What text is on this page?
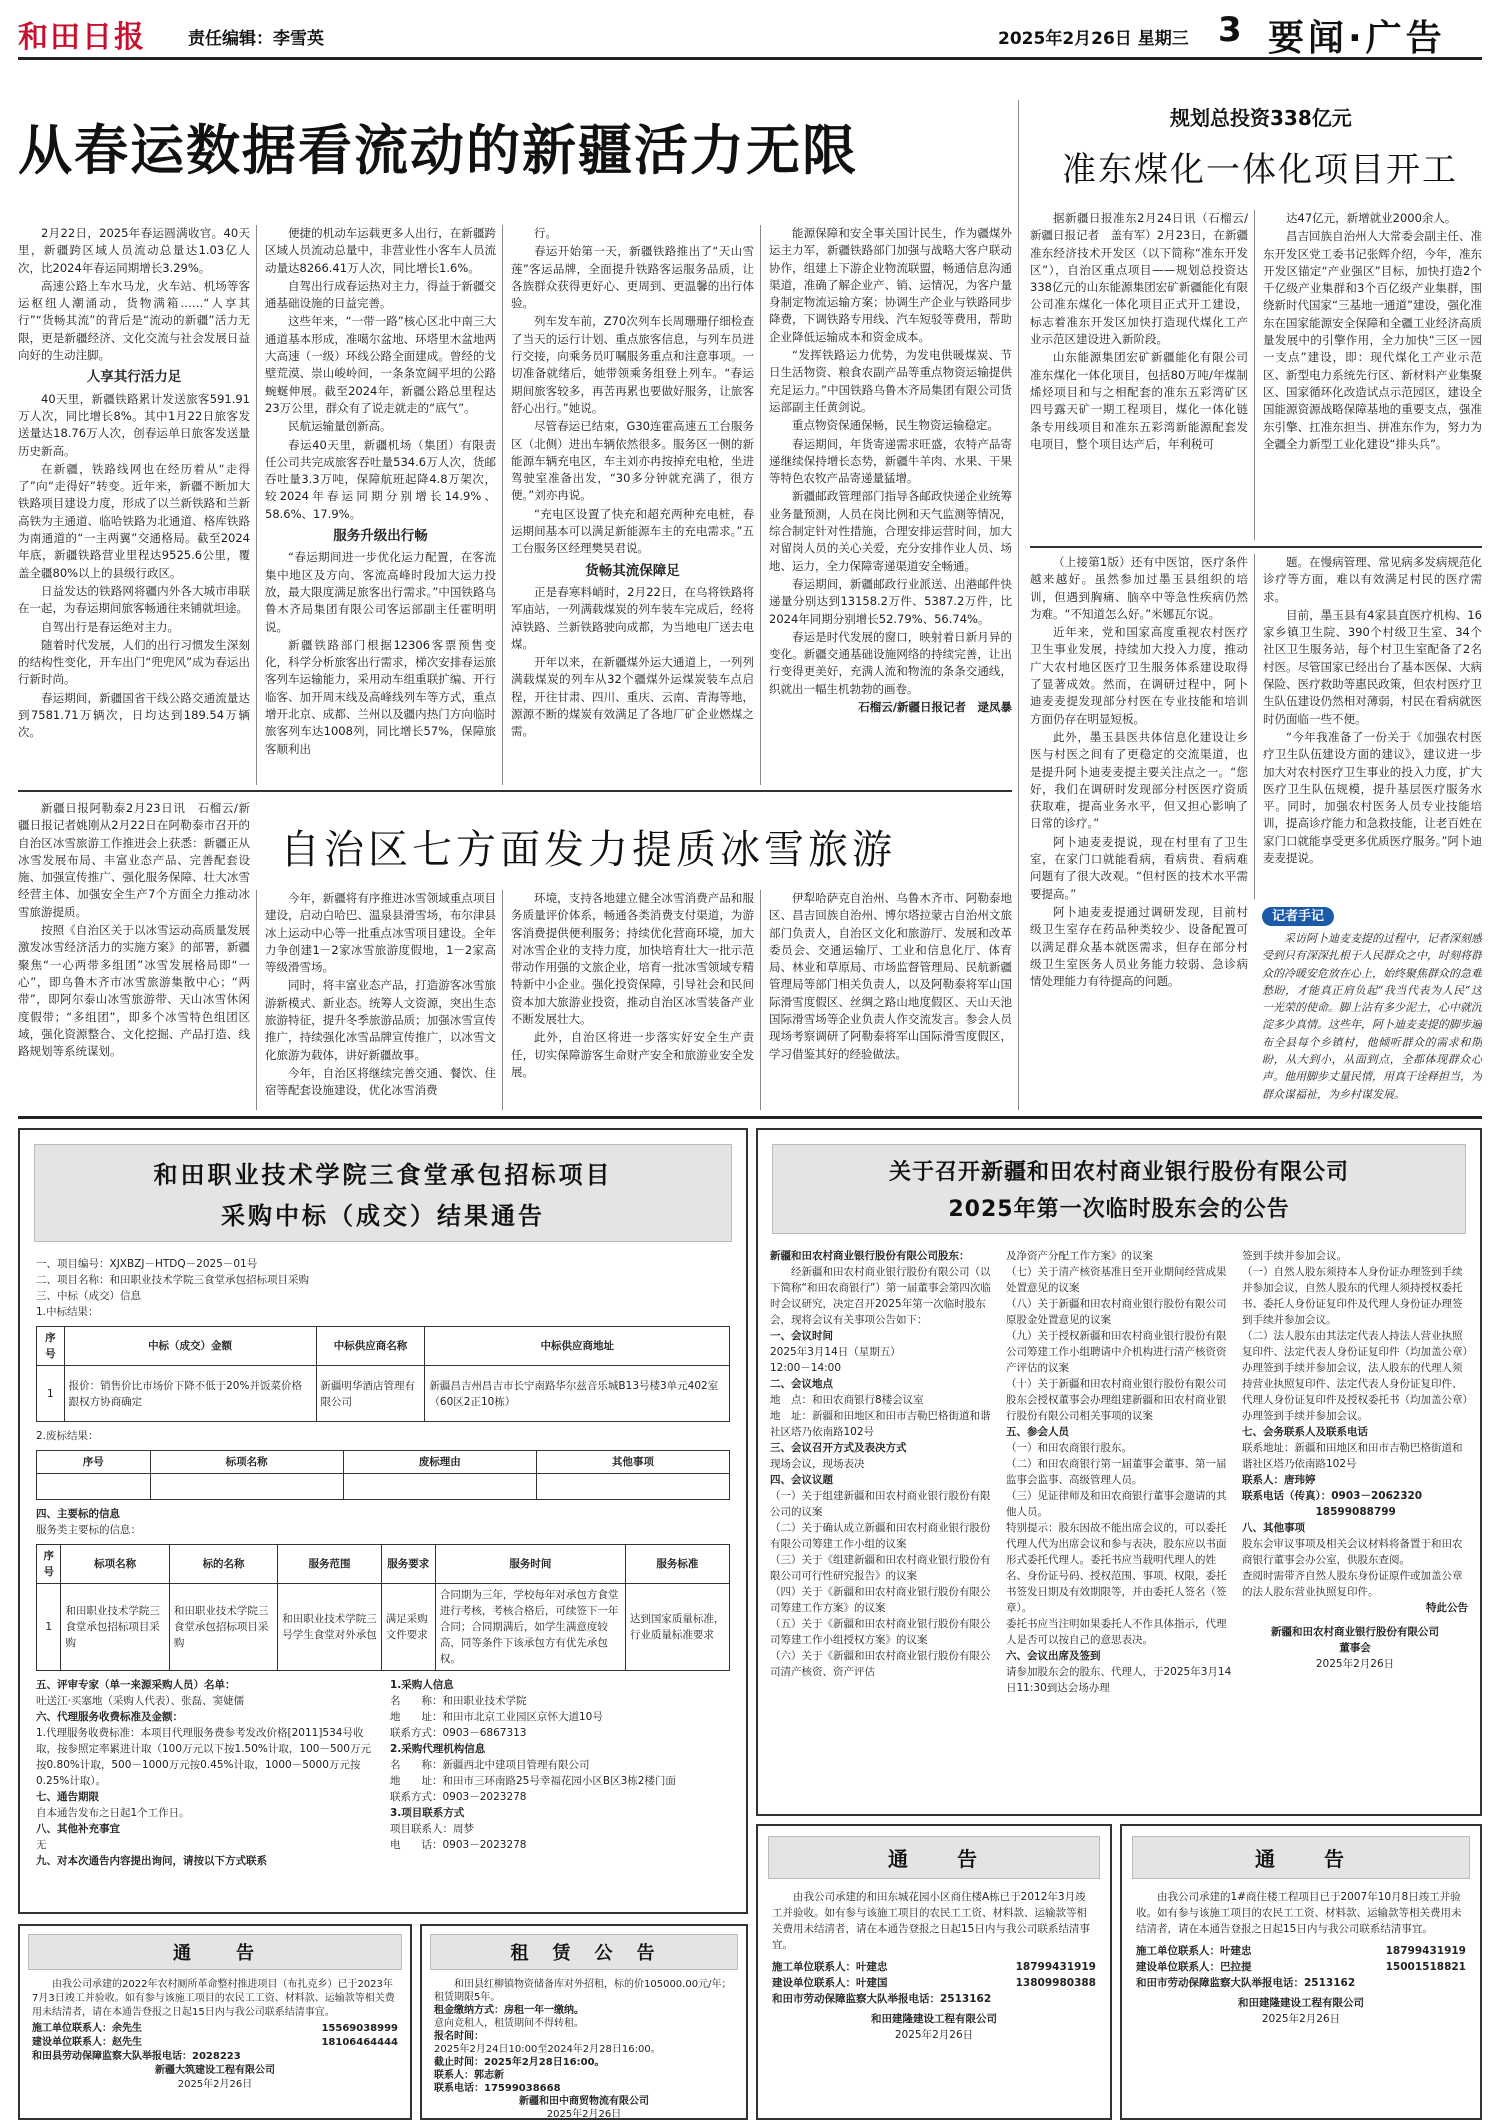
和田日报 责任编辑：李雪英	2025年2月26日 星期三 3 要闻·广告
从春运数据看流动的新疆活力无限

2月22日，2025年春运圆满收官。40天里，新疆跨区域人员流动总量达1.03亿人次，比2024年春运同期增长3.29%。

高速公路上车水马龙，火车站、机场等客运枢纽人潮涌动，货物满箱……“人享其行”“货畅其流”的背后是“流动的新疆”活力无限，更是新疆经济、文化交流与社会发展日益向好的生动注脚。

人享其行活力足

40天里，新疆铁路累计发送旅客591.91万人次，同比增长8%。其中1月22日旅客发送量达18.76万人次，创春运单日旅客发送量历史新高。

在新疆，铁路线网也在经历着从“走得了”向“走得好”转变。近年来，新疆不断加大铁路项目建设力度，形成了以兰新铁路和兰新高铁为主通道、临哈铁路为北通道、格库铁路为南通道的“一主两翼”交通格局。截至2024年底，新疆铁路营业里程达9525.6公里，覆盖全疆80%以上的县级行政区。

日益发达的铁路网将疆内外各大城市串联在一起，为春运期间旅客畅通往来铺就坦途。

自驾出行是春运绝对主力。

随着时代发展，人们的出行习惯发生深刻的结构性变化，开车出门“兜兜风”成为春运出行新时尚。

春运期间，新疆国省干线公路交通流量达到7581.71万辆次，日均达到189.54万辆次。

便捷的机动车运载更多人出行，在新疆跨区域人员流动总量中，非营业性小客车人员流动量达8266.41万人次，同比增长1.6%。

自驾出行成春运热对主力，得益于新疆交通基础设施的日益完善。

这些年来，“一带一路”核心区北中南三大通道基本形成，准噶尔盆地、环塔里木盆地两大高速（一级）环线公路全面建成。曾经的戈壁荒漠、崇山峻岭间，一条条宽阔平坦的公路蜿蜒伸展。截至2024年，新疆公路总里程达23万公里，群众有了说走就走的“底气”。

民航运输量创新高。

春运40天里，新疆机场（集团）有限责任公司共完成旅客吞吐量534.6万人次，货邮吞吐量3.3万吨，保障航班起降4.8万架次，较2024年春运同期分别增长14.9%、58.6%、17.9%。

服务升级出行畅

“春运期间进一步优化运力配置，在客流集中地区及方向、客流高峰时段加大运力投放，最大限度满足旅客出行需求。”中国铁路乌鲁木齐局集团有限公司客运部副主任霍明明说。

新疆铁路部门根据12306客票预售变化，科学分析旅客出行需求，梯次安排春运旅客列车运输能力，采用动车组重联扩编、开行临客、加开周末线及高峰线列车等方式，重点增开北京、成都、兰州以及疆内热门方向临时旅客列车达1008列，同比增长57%，保障旅客顺利出

行。

春运开始第一天，新疆铁路推出了“天山雪莲”客运品牌，全面提升铁路客运服务品质，让各族群众获得更好心、更周到、更温馨的出行体验。

列车发车前，Z70次列车长周珊珊仔细检查了当天的运行计划、重点旅客信息，与列车员进行交接，向乘务员叮嘱服务重点和注意事项。一切准备就绪后，她带领乘务组登上列车。“春运期间旅客较多，再苦再累也要做好服务，让旅客舒心出行。”她说。

尽管春运已结束，G30连霍高速五工台服务区（北侧）进出车辆依然很多。服务区一侧的新能源车辆充电区，车主刘亦冉按掉充电枪，坐进驾驶室准备出发，“30多分钟就充满了，很方便。”刘亦冉说。

“充电区设置了快充和超充两种充电桩，春运期间基本可以满足新能源车主的充电需求。”五工台服务区经理樊昊君说。

货畅其流保障足

正是春寒料峭时，2月22日，在乌将铁路将军庙站，一列满载煤炭的列车装车完成后，经将淖铁路、兰新铁路驶向成都，为当地电厂送去电煤。

开年以来，在新疆煤外运大通道上，一列列满载煤炭的列车从32个疆煤外运煤炭装车点启程，开往甘肃、四川、重庆、云南、青海等地，源源不断的煤炭有效满足了各地厂矿企业燃煤之需。

能源保障和安全事关国计民生，作为疆煤外运主力军，新疆铁路部门加强与战略大客户联动协作，组建上下游企业物流联盟，畅通信息沟通渠道，准确了解企业产、销、运情况，为客户量身制定物流运输方案；协调生产企业与铁路同步降费，下调铁路专用线、汽车短驳等费用，帮助企业降低运输成本和资金成本。

“发挥铁路运力优势，为发电供暖煤炭、节日生活物资、粮食农副产品等重点物资运输提供充足运力。”中国铁路乌鲁木齐局集团有限公司货运部副主任黄剑说。

重点物资保通保畅，民生物资运输稳定。

春运期间，年货寄递需求旺盛，农特产品寄递继续保持增长态势，新疆牛羊肉、水果、干果等特色农牧产品寄递量猛增。

新疆邮政管理部门指导各邮政快递企业统筹业务量预测，人员在岗比例和天气监测等情况，综合制定针对性措施，合理安排运营时间，加大对留岗人员的关心关爱，充分安排作业人员、场地、运力，全力保障寄递渠道安全畅通。

春运期间，新疆邮政行业派送、出港邮件快递量分别达到13158.2万件、5387.2万件，比2024年同期分别增长52.79%、56.74%。

春运是时代发展的窗口，映射着日新月异的变化。新疆交通基础设施网络的持续完善，让出行变得更美好，充满人流和物流的条条交通线，织就出一幅生机勃勃的画卷。

石榴云/新疆日报记者　逯凤暴

规划总投资338亿元
准东煤化一体化项目开工

据新疆日报准东2月24日讯（石榴云/新疆日报记者　盖有军）2月23日，在新疆准东经济技术开发区（以下简称“准东开发区”），自治区重点项目——规划总投资达338亿元的山东能源集团宏矿新疆能化有限公司准东煤化一体化项目正式开工建设，标志着准东开发区加快打造现代煤化工产业示范区建设进入新阶段。

山东能源集团宏矿新疆能化有限公司准东煤化一体化项目，包括80万吨/年煤制烯烃项目和与之相配套的准东五彩湾矿区四号露天矿一期工程项目，煤化一体化链条专用线项目和准东五彩湾新能源配套发电项目，整个项目达产后，年利税可

达47亿元，新增就业2000余人。

昌吉回族自治州人大常委会副主任、准东开发区党工委书记张辉介绍，今年，准东开发区锚定“产业强区”目标，加快打造2个千亿级产业集群和3个百亿级产业集群，围绕新时代国家“三基地一通道”建设，强化准东在国家能源安全保障和全疆工业经济高质量发展中的引擎作用，全力加快“三区一园一支点”建设，即：现代煤化工产业示范区、新型电力系统先行区、新材料产业集聚区、国家循环化改造试点示范园区，建设全国能源资源战略保障基地的重要支点，强准东引擎、扛准东担当、拼准东作为，努力为全疆全力新型工业化建设“排头兵”。

（上接第1版）还有中医馆，医疗条件越来越好。虽然参加过墨玉县组织的培训，但遇到胸痛、脑卒中等急性疾病仍然为难。“不知道怎么好。”米娜瓦尔说。

近年来，党和国家高度重视农村医疗卫生事业发展，持续加大投入力度，推动广大农村地区医疗卫生服务体系建设取得了显著成效。然而，在调研过程中，阿卜迪麦麦提发现部分村医在专业技能和培训方面仍存在明显短板。

此外，墨玉县医共体信息化建设让乡医与村医之间有了更稳定的交流渠道，也是提升阿卜迪麦麦提主要关注点之一。“您好，我们在调研时发现部分村医医疗资质获取难，提高业务水平，但又担心影响了日常的诊疗。”

阿卜迪麦麦提说，现在村里有了卫生室，在家门口就能看病，看病贵、看病难问题有了很大改观。“但村医的技术水平需要提高。”

阿卜迪麦麦提通过调研发现，目前村级卫生室存在药品种类较少、设备配置可以满足群众基本就医需求，但存在部分村级卫生室医务人员业务能力较弱、急诊病情处理能力有待提高的问题。

题。在慢病管理、常见病多发病规范化诊疗等方面，难以有效满足村民的医疗需求。

目前，墨玉县有4家县直医疗机构、16家乡镇卫生院、390个村级卫生室、34个社区卫生服务站，每个村卫生室配备了2名村医。尽管国家已经出台了基本医保、大病保险、医疗救助等惠民政策，但农村医疗卫生队伍建设仍然相对薄弱，村民在看病就医时仍面临一些不便。

“今年我准备了一份关于《加强农村医疗卫生队伍建设方面的建议》，建议进一步加大对农村医疗卫生事业的投入力度，扩大医疗卫生队伍规模，提升基层医疗服务水平。同时，加强农村医务人员专业技能培训，提高诊疗能力和急救技能，让老百姓在家门口就能享受更多优质医疗服务。”阿卜迪麦麦提说。

记者手记

采访阿卜迪麦麦提的过程中，记者深刻感受到只有深深扎根于人民群众之中，时刻将群众的冷暖安危放在心上，始终聚焦群众的急难愁盼，才能真正肩负起“我当代表为人民”这一光荣的使命。脚上沾有多少泥土，心中就沉淀多少真情。这些年，阿卜迪麦麦提的脚步遍布全县每个乡镇村，他倾听群众的需求和期盼，从大到小，从面到点，全都体现群众心声。他用脚步丈量民情，用真干诠释担当，为群众谋福祉，为乡村谋发展。

新疆日报阿勒泰2月23日讯　石榴云/新疆日报记者姚刚从2月22日在阿勒泰市召开的自治区冰雪旅游工作推进会上获悉：新疆正从冰雪发展布局、丰富业态产品、完善配套设施、加强宣传推广、强化服务保障、壮大冰雪经营主体、加强安全生产7个方面全力推动冰雪旅游提质。

按照《自治区关于以冰雪运动高质量发展激发冰雪经济活力的实施方案》的部署，新疆聚焦“一心两带多组团”冰雪发展格局即“一心”，即乌鲁木齐市冰雪旅游集散中心；“两带”，即阿尔泰山冰雪旅游带、天山冰雪休闲度假带；“多组团”，即多个冰雪特色组团区域，强化资源整合、文化挖掘、产品打造、线路规划等系统谋划。

自治区七方面发力提质冰雪旅游

今年，新疆将有序推进冰雪领域重点项目建设，启动白哈巴、温泉县滑雪场，布尔津县冰上运动中心等一批重点冰雪项目建设。全年力争创建1－2家冰雪旅游度假地，1－2家高等级滑雪场。

同时，将丰富业态产品，打造游客冰雪旅游新模式、新业态。统筹人文资源，突出生态旅游特征，提升冬季旅游品质；加强冰雪宣传推广，持续强化冰雪品牌宣传推广，以冰雪文化旅游为载体，讲好新疆故事。

今年，自治区将继续完善交通、餐饮、住宿等配套设施建设，优化冰雪消费

环境，支持各地建立健全冰雪消费产品和服务质量评价体系，畅通各类消费支付渠道，为游客消费提供便利服务；持续优化营商环境，加大对冰雪企业的支持力度，加快培育壮大一批示范带动作用强的文旅企业，培育一批冰雪领域专精特新中小企业。强化投资保障，引导社会和民间资本加大旅游业投资，推动自治区冰雪装备产业不断发展壮大。

此外，自治区将进一步落实好安全生产责任，切实保障游客生命财产安全和旅游业安全发展。

伊犁哈萨克自治州、乌鲁木齐市、阿勒泰地区、昌吉回族自治州、博尔塔拉蒙古自治州文旅部门负责人，自治区文化和旅游厅、发展和改革委员会、交通运输厅、工业和信息化厅、体育局、林业和草原局、市场监督管理局、民航新疆管理局等部门相关负责人，以及阿勒泰将军山国际滑雪度假区、丝绸之路山地度假区、天山天池国际滑雪场等企业负责人作交流发言。参会人员现场考察调研了阿勒泰将军山国际滑雪度假区，学习借鉴其好的经验做法。

和田职业技术学院三食堂承包招标项目
采购中标（成交）结果通告
一、项目编号：XJXBZJ－HTDQ－2025－01号
二、项目名称：和田职业技术学院三食堂承包招标项目采购
三、中标（成交）信息
1.中标结果：
序号	中标（成交）金额	中标供应商名称	中标供应商地址
1	报价：销售价比市场价下降不低于20%并饭菜价格跟权方协商确定	新疆明华酒店管理有限公司	新疆昌吉州昌吉市长宁南路华尔兹音乐城B13号楼3单元402室（60区2正10栋）
2.废标结果：
序号	标项名称	废标理由	其他事项

四、主要标的信息
服务类主要标的信息：
序号	标项名称	标的名称	服务范围	服务要求	服务时间	服务标准
1	和田职业技术学院三食堂承包招标项目采购	和田职业技术学院三食堂承包招标项目采购	和田职业技术学院三号学生食堂对外承包	满足采购文件要求	合同期为三年，学校每年对承包方食堂进行考核，考核合格后，可续签下一年合同；合同期满后，如学生满意度较高，同等条件下该承包方有优先承包权。	达到国家质量标准，行业质量标准要求
五、评审专家（单一来源采购人员）名单：
吐送江·买塞地（采购人代表）、张磊、窦婕儒
六、代理服务收费标准及金额：
1.代理服务收费标准：本项目代理服务费参考发改价格[2011]534号收取，按参照定率累进计取（100万元以下按1.50%计取，100－500万元按0.80%计取，500－1000万元按0.45%计取，1000－5000万元按0.25%计取）。
七、通告期限
自本通告发布之日起1个工作日。
八、其他补充事宜
无
九、对本次通告内容提出询问，请按以下方式联系
1.采购人信息
名　　称：和田职业技术学院
地　　址：和田市北京工业园区京怀大道10号
联系方式：0903－6867313
2.采购代理机构信息
名　　称：新疆西北中建项目管理有限公司
地　　址：和田市三环南路25号幸福花园小区B区3栋2楼门面
联系方式：0903－2023278
3.项目联系方式
项目联系人：周梦
电　　话：0903－2023278
关于召开新疆和田农村商业银行股份有限公司
2025年第一次临时股东会的公告
新疆和田农村商业银行股份有限公司股东：
经新疆和田农村商业银行股份有限公司（以下简称“和田农商银行”）第一届董事会第四次临时会议研究，决定召开2025年第一次临时股东会，现将会议有关事项公告如下：
一、会议时间
2025年3月14日（星期五）
12:00－14:00
二、会议地点
地　点：和田农商银行8楼会议室
地　址：新疆和田地区和田市吉勒巴格街道和谐社区塔乃依南路102号
三、会议召开方式及表决方式
现场会议，现场表决
四、会议议题
（一）关于组建新疆和田农村商业银行股份有限公司的议案
（二）关于确认成立新疆和田农村商业银行股份有限公司筹建工作小组的议案
（三）关于《组建新疆和田农村商业银行股份有限公司可行性研究报告》的议案
（四）关于《新疆和田农村商业银行股份有限公司筹建工作方案》的议案
（五）关于《新疆和田农村商业银行股份有限公司筹建工作小组授权方案》的议案
（六）关于《新疆和田农村商业银行股份有限公司清产核资、资产评估
及净资产分配工作方案》的议案
（七）关于清产核资基准日至开业期间经营成果处置意见的议案
（八）关于新疆和田农村商业银行股份有限公司原股金处置意见的议案
（九）关于授权新疆和田农村商业银行股份有限公司筹建工作小组聘请中介机构进行清产核资资产评估的议案
（十）关于新疆和田农村商业银行股份有限公司股东会授权董事会办理组建新疆和田农村商业银行股份有限公司相关事项的议案
五、参会人员
（一）和田农商银行股东。
（二）和田农商银行第一届董事会董事、第一届监事会监事、高级管理人员。
（三）见证律师及和田农商银行董事会邀请的其他人员。
特别提示：股东因故不能出席会议的，可以委托代理人代为出席会议和参与表决，股东应以书面形式委托代理人。委托书应当载明代理人的姓名、身份证号码、授权范围、事项、权限，委托书签发日期及有效期限等，并由委托人签名（签章）。
委托书应当注明如果委托人不作具体指示，代理人是否可以按自己的意思表决。
六、会议出席及签到
请参加股东会的股东、代理人，于2025年3月14日11:30到达会场办理
签到手续并参加会议。
（一）自然人股东须持本人身份证办理签到手续并参加会议，自然人股东的代理人须持授权委托书、委托人身份证复印件及代理人身份证办理签到手续并参加会议。
（二）法人股东由其法定代表人持法人营业执照复印件、法定代表人身份证复印件（均加盖公章）办理签到手续并参加会议，法人股东的代理人须持营业执照复印件、法定代表人身份证复印件、代理人身份证复印件及授权委托书（均加盖公章）办理签到手续并参加会议。
七、会务联系人及联系电话
联系地址：新疆和田地区和田市吉勒巴格街道和谐社区塔乃依南路102号
联系人：唐玮婷
联系电话（传真）：0903－2062320
　　　　　　　18599088799
八、其他事项
股东会审议事项及相关会议材料将备置于和田农商银行董事会办公室，供股东查阅。
查阅时需带齐自然人股东身份证原件或加盖公章的法人股东营业执照复印件。
特此公告
新疆和田农村商业银行股份有限公司
董事会
2025年2月26日
通　　告
由我公司承建的2022年农村厕所革命整村推进项目（布扎克乡）已于2023年7月3日竣工并验收。如有参与该施工项目的农民工工资、材料款、运输款等相关费用未结清者，请在本通告登报之日起15日内与我公司联系结清事宜。
施工单位联系人：余先生	15569038999
建设单位联系人：赵先生	18106464444
和田县劳动保障监察大队举报电话：2028223
新疆大筑建设工程有限公司
2025年2月26日
租　赁　公　告
和田县红柳镇物资储备库对外招租，标的价105000.00元/年；租赁期限5年。
租金缴纳方式：房租一年一缴纳。
意向竞租人，租赁期间不得转租。
报名时间：
2025年2月24日10:00至2024年2月28日16:00。
截止时间：2025年2月28日16:00。
联系人：郭志新
联系电话：17599038668
新疆和田中商贸物流有限公司
2025年2月26日
通　　告
由我公司承建的和田东城花园小区商住楼A栋已于2012年3月竣工并验收。如有参与该施工项目的农民工工资、材料款、运输款等相关费用未结清者，请在本通告登报之日起15日内与我公司联系结清事宜。
施工单位联系人：叶建忠	18799431919
建设单位联系人：叶建国	13809980388
和田市劳动保障监察大队举报电话：2513162
和田建隆建设工程有限公司
2025年2月26日
通　　告
由我公司承建的1#商住楼工程项目已于2007年10月8日竣工并验收。如有参与该施工项目的农民工工资、材料款、运输款等相关费用未结清者，请在本通告登报之日起15日内与我公司联系结清事宜。
施工单位联系人：叶建忠	18799431919
建设单位联系人：巴拉提	15001518821
和田市劳动保障监察大队举报电话：2513162
和田建隆建设工程有限公司
2025年2月26日
